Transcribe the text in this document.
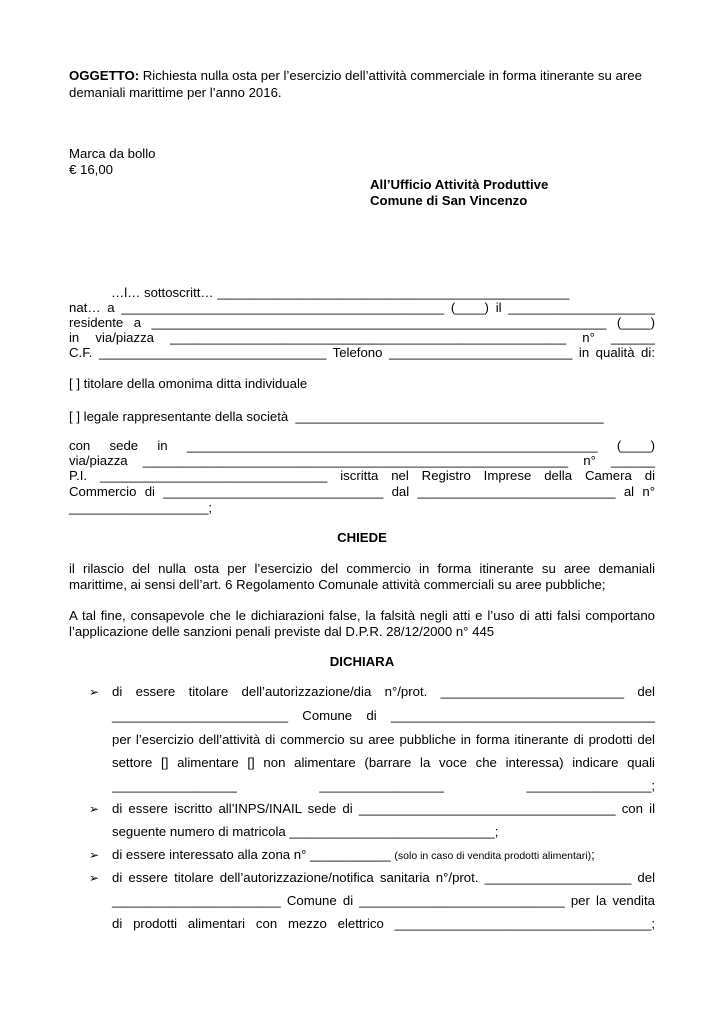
OGGETTO: Richiesta nulla osta per l’esercizio dell’attività commerciale in forma itinerante su aree
demaniali marittime per l’anno 2016.
Marca da bollo
€ 16,00
All’Ufficio Attività Produttive
Comune di San Vincenzo
…l… sottoscritt… ________________________________________________
nat… a ____________________________________________ (____) il ____________________
residente a ______________________________________________________________ (____)
in via/piazza ______________________________________________________ n° ______
C.F. _______________________________ Telefono _________________________ in qualità di:
[ ] titolare della omonima ditta individuale
[ ] legale rappresentante della società  __________________________________________
con sede in ________________________________________________________ (____)
via/piazza __________________________________________________________ n° ______
P.I. _______________________________ iscritta nel Registro Imprese della Camera di
Commercio di ______________________________ dal ___________________________ al n°
___________________;
CHIEDE
il rilascio del nulla osta per l’esercizio del commercio in forma itinerante su aree demaniali
marittime, ai sensi dell’art. 6 Regolamento Comunale attività commerciali su aree pubbliche;
A tal fine, consapevole che le dichiarazioni false, la falsità negli atti e l’uso di atti falsi comportano
l’applicazione delle sanzioni penali previste dal D.P.R. 28/12/2000 n° 445
DICHIARA
➢ di essere titolare dell’autorizzazione/dia n°/prot. _________________________ del
________________________ Comune di ____________________________________
per l’esercizio dell’attività di commercio su aree pubbliche in forma itinerante di prodotti del
settore [] alimentare [] non alimentare (barrare la voce che interessa) indicare quali
_________________ _________________ _________________;
➢ di essere iscritto all’INPS/INAIL sede di ___________________________________ con il
seguente numero di matricola ____________________________;
➢ di essere interessato alla zona n° ___________ (solo in caso di vendita prodotti alimentari);
➢ di essere titolare dell’autorizzazione/notifica sanitaria n°/prot. ____________________ del
_______________________ Comune di ____________________________ per la vendita
di prodotti alimentari con mezzo elettrico ___________________________________;
